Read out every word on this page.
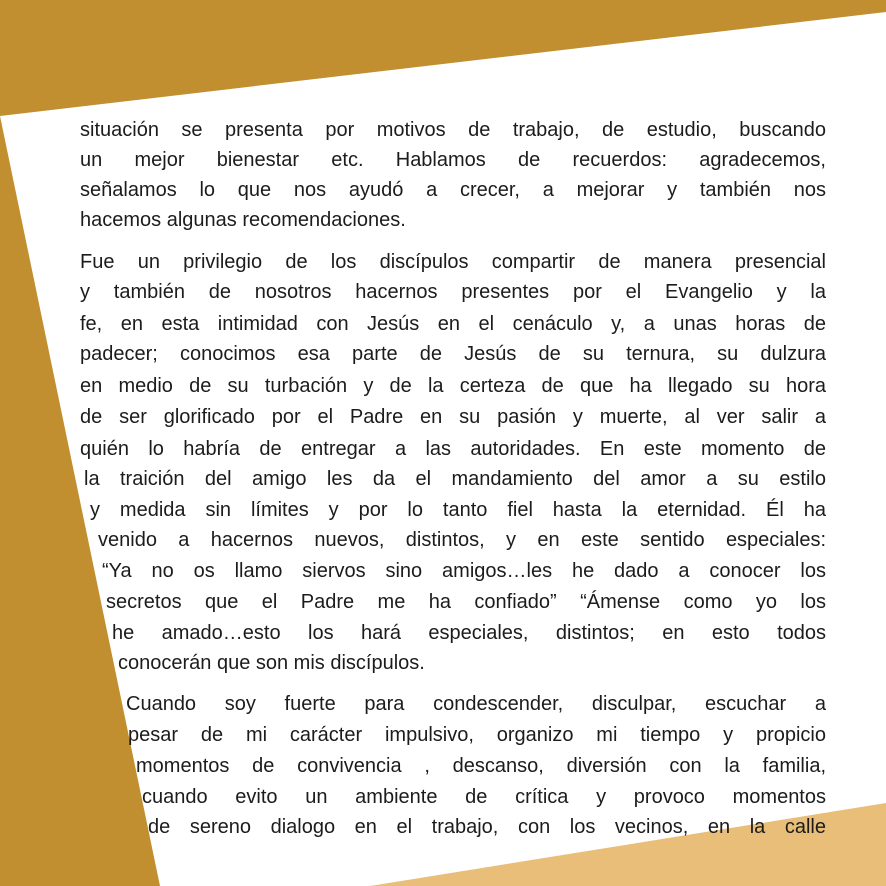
situación se presenta por motivos de trabajo, de estudio, buscando
un mejor bienestar etc. Hablamos de recuerdos: agradecemos,
señalamos lo que nos ayudó a crecer, a mejorar y también nos
hacemos algunas recomendaciones.
Fue un privilegio de los discípulos compartir de manera presencial
y también de nosotros hacernos presentes por el Evangelio y la
fe, en esta intimidad con Jesús en el cenáculo y, a unas horas de
padecer; conocimos esa parte de Jesús de su ternura, su dulzura
en medio de su turbación y de la certeza de que ha llegado su hora
de ser glorificado por el Padre en su pasión y muerte, al ver salir a
quién lo habría de entregar a las autoridades. En este momento de
la traición del amigo les da el mandamiento del amor a su estilo
y medida sin límites y por lo tanto fiel hasta la eternidad. Él ha
venido a hacernos nuevos, distintos, y en este sentido especiales:
“Ya no os llamo siervos sino amigos…les he dado a conocer los
secretos que el Padre me ha confiado” “Ámense como yo los
he amado…esto los hará especiales, distintos; en esto todos
conocerán que son mis discípulos.
Cuando soy fuerte para condescender, disculpar, escuchar a
pesar de mi carácter impulsivo, organizo mi tiempo y propicio
momentos de convivencia , descanso, diversión con la familia,
cuando evito un ambiente de crítica y provoco momentos
de sereno dialogo en el trabajo, con los vecinos, en la calle
